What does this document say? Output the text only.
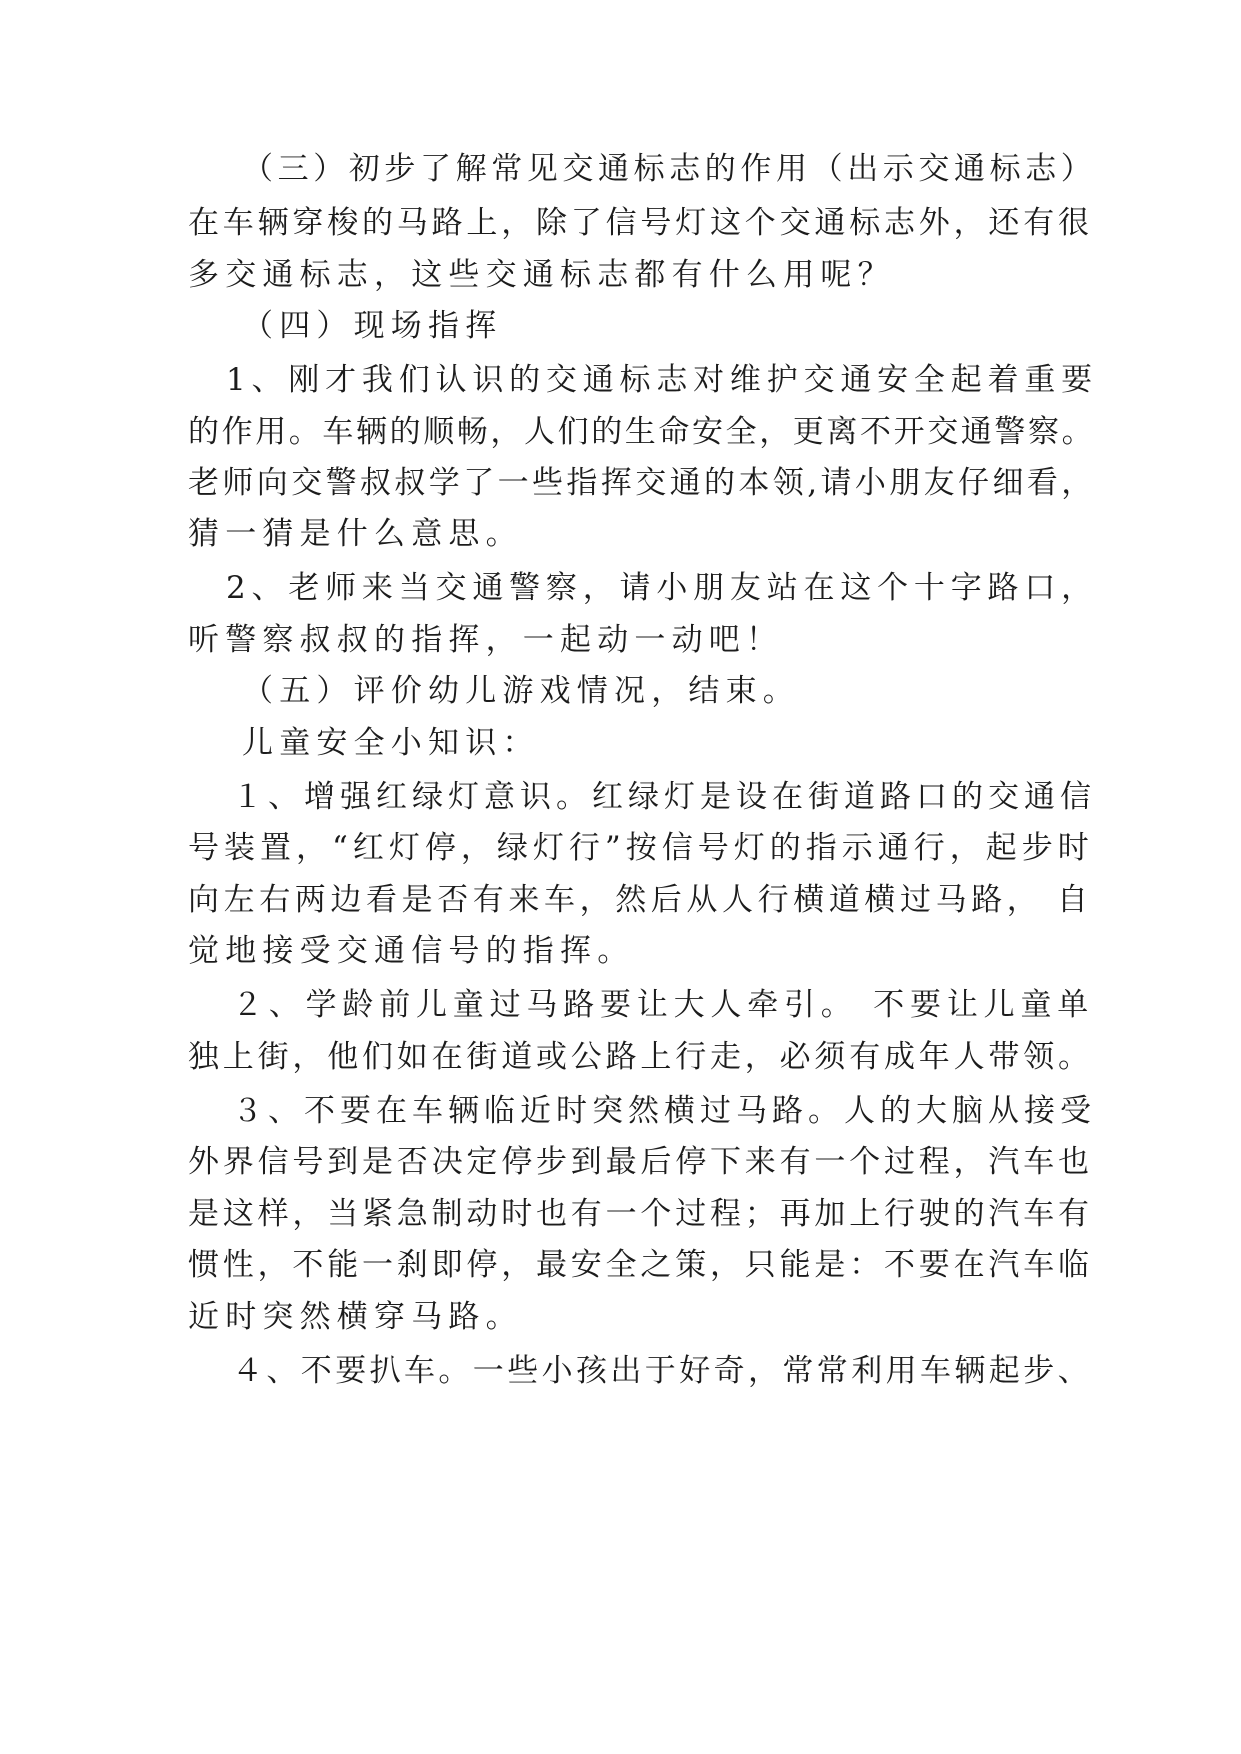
（三）初步了解常见交通标志的作用（出示交通标志）
在车辆穿梭的马路上，除了信号灯这个交通标志外，还有很
多交通标志，这些交通标志都有什么用呢？
（四）现场指挥
1、刚才我们认识的交通标志对维护交通安全起着重要
的作用。车辆的顺畅，人们的生命安全，更离不开交通警察。
老师向交警叔叔学了一些指挥交通的本领,请小朋友仔细看，
猜一猜是什么意思。
2、老师来当交通警察，请小朋友站在这个十字路口，
听警察叔叔的指挥，一起动一动吧！
（五）评价幼儿游戏情况，结束。
儿童安全小知识：
１、增强红绿灯意识。红绿灯是设在街道路口的交通信
号装置，“红灯停，绿灯行”按信号灯的指示通行，起步时
向左右两边看是否有来车，然后从人行横道横过马路， 自
觉地接受交通信号的指挥。
２、学龄前儿童过马路要让大人牵引。 不要让儿童单
独上街，他们如在街道或公路上行走，必须有成年人带领。
３、不要在车辆临近时突然横过马路。人的大脑从接受
外界信号到是否决定停步到最后停下来有一个过程，汽车也
是这样，当紧急制动时也有一个过程；再加上行驶的汽车有
惯性，不能一刹即停，最安全之策，只能是：不要在汽车临
近时突然横穿马路。
４、不要扒车。一些小孩出于好奇，常常利用车辆起步、
